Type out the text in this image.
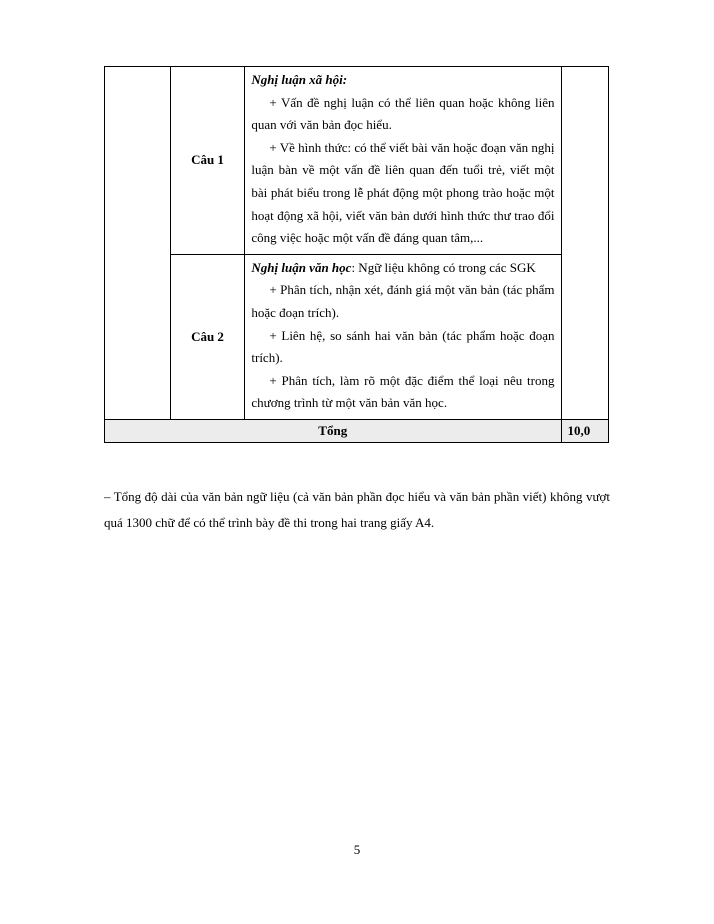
	Câu 1	Nghị luận xã hội:

+ Vấn đề nghị luận có thể liên quan hoặc không liên quan với văn bản đọc hiểu.

+ Về hình thức: có thể viết bài văn hoặc đoạn văn nghị luận bàn về một vấn đề liên quan đến tuổi trẻ, viết một bài phát biểu trong lễ phát động một phong trào hoặc một hoạt động xã hội, viết văn bản dưới hình thức thư trao đổi công việc hoặc một vấn đề đáng quan tâm,...	

	Câu 2	Nghị luận văn học: Ngữ liệu không có trong các SGK

+ Phân tích, nhận xét, đánh giá một văn bản (tác phẩm hoặc đoạn trích).

+ Liên hệ, so sánh hai văn bản (tác phẩm hoặc đoạn trích).

+ Phân tích, làm rõ một đặc điểm thể loại nêu trong chương trình từ một văn bản văn học.	

Tổng			10,0

– Tổng độ dài của văn bản ngữ liệu (cả văn bản phần đọc hiểu và văn bản phần viết) không vượt quá 1300 chữ để có thể trình bày đề thi trong hai trang giấy A4.

5
